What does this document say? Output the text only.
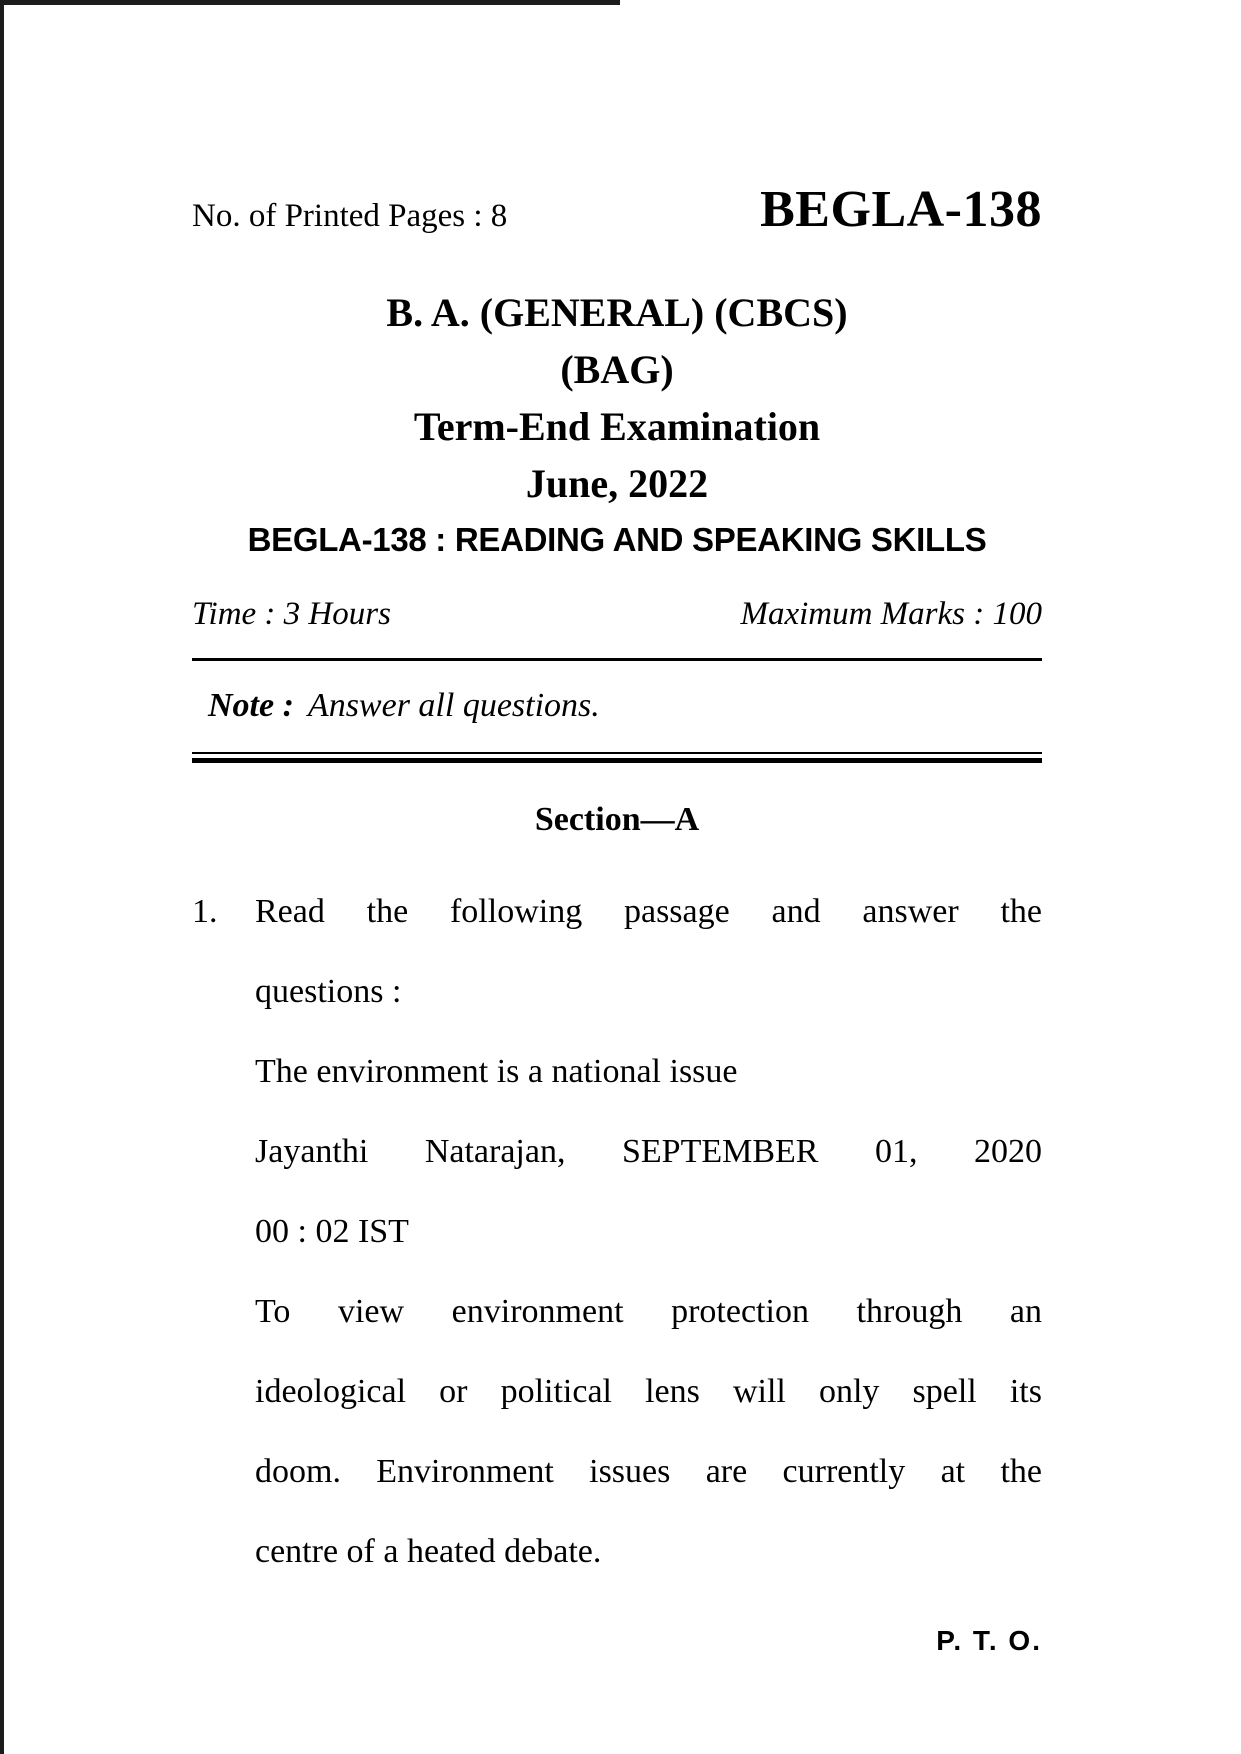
No. of Printed Pages : 8	BEGLA-138
B. A. (GENERAL) (CBCS)
(BAG)
Term-End Examination
June, 2022
BEGLA-138 : READING AND SPEAKING SKILLS
Time : 3 Hours	Maximum Marks : 100
Note : Answer all questions.
Section—A
1.	Read the following passage and answer the
questions :
The environment is a national issue
Jayanthi Natarajan, SEPTEMBER 01, 2020
00 : 02 IST
To view environment protection through an
ideological or political lens will only spell its
doom. Environment issues are currently at the
centre of a heated debate.
P. T. O.
